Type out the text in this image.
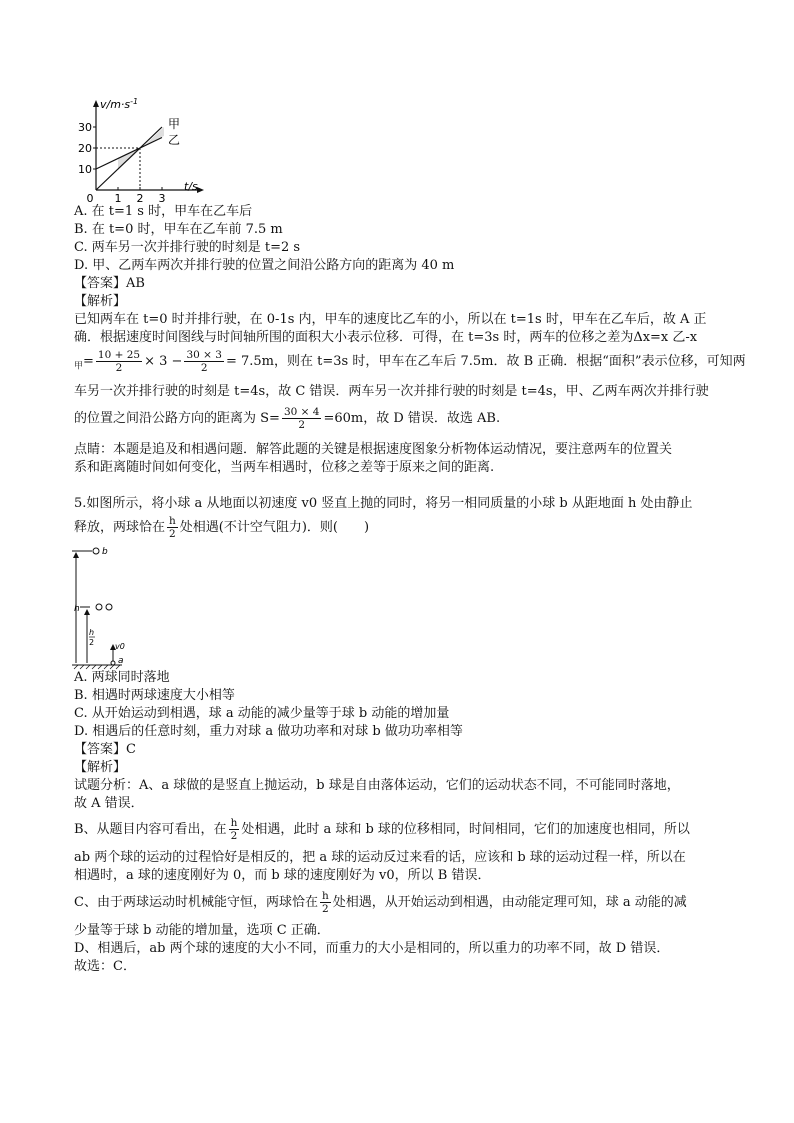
$v/m\cdot s^{-1}$
t/s
30
20
10
0 1 2 3
甲
乙
A. 在 t=1 s 时，甲车在乙车后
B. 在 t=0 时，甲车在乙车前 7.5 m
C. 两车另一次并排行驶的时刻是 t=2 s
D. 甲、乙两车两次并排行驶的位置之间沿公路方向的距离为 40 m
【答案】AB
【解析】
已知两车在 t=0 时并排行驶，在 0-1s 内，甲车的速度比乙车的小，所以在 t=1s 时，甲车在乙车后，故 A 正
确．根据速度时间图线与时间轴所围的面积大小表示位移．可得，在 t=3s 时，两车的位移之差为Δx=x 乙-x
$_甲= \frac{10 + 25}{2} \times 3 - \frac{30 \times 3}{2} = 7.5m$，则在 t=3s 时，甲车在乙车后 7.5m．故 B 正确．根据“面积”表示位移，可知两
车另一次并排行驶的时刻是 t=4s，故 C 错误．两车另一次并排行驶的时刻是 t=4s，甲、乙两车两次并排行驶
的位置之间沿公路方向的距离为 $S= \frac{30 \times 4}{2} =60m$，故 D 错误．故选 AB.
点睛：本题是追及和相遇问题．解答此题的关键是根据速度图象分析物体运动情况，要注意两车的位置关
系和距离随时间如何变化，当两车相遇时，位移之差等于原来之间的距离.
5.如图所示，将小球 a 从地面以初速度 v0 竖直上抛的同时，将另一相同质量的小球 b 从距地面 h 处由静止
释放，两球恰在 $\frac{h}{2}$ 处相遇(不计空气阻力)．则(　　)
b
h
h
2	v0
a
A. 两球同时落地
B. 相遇时两球速度大小相等
C. 从开始运动到相遇，球 a 动能的减少量等于球 b 动能的增加量
D. 相遇后的任意时刻，重力对球 a 做功功率和对球 b 做功功率相等
【答案】C
【解析】
试题分析：A、a 球做的是竖直上抛运动，b 球是自由落体运动，它们的运动状态不同，不可能同时落地，
故 A 错误．
B、从题目内容可看出，在 $\frac{h}{2}$ 处相遇，此时 a 球和 b 球的位移相同，时间相同，它们的加速度也相同，所以
ab 两个球的运动的过程恰好是相反的，把 a 球的运动反过来看的话，应该和 b 球的运动过程一样，所以在
相遇时，a 球的速度刚好为 0，而 b 球的速度刚好为 v0，所以 B 错误．
C、由于两球运动时机械能守恒，两球恰在 $\frac{h}{2}$ 处相遇，从开始运动到相遇，由动能定理可知，球 a 动能的减
少量等于球 b 动能的增加量，选项 C 正确．
D、相遇后，ab 两个球的速度的大小不同，而重力的大小是相同的，所以重力的功率不同，故 D 错误．
故选：C．
